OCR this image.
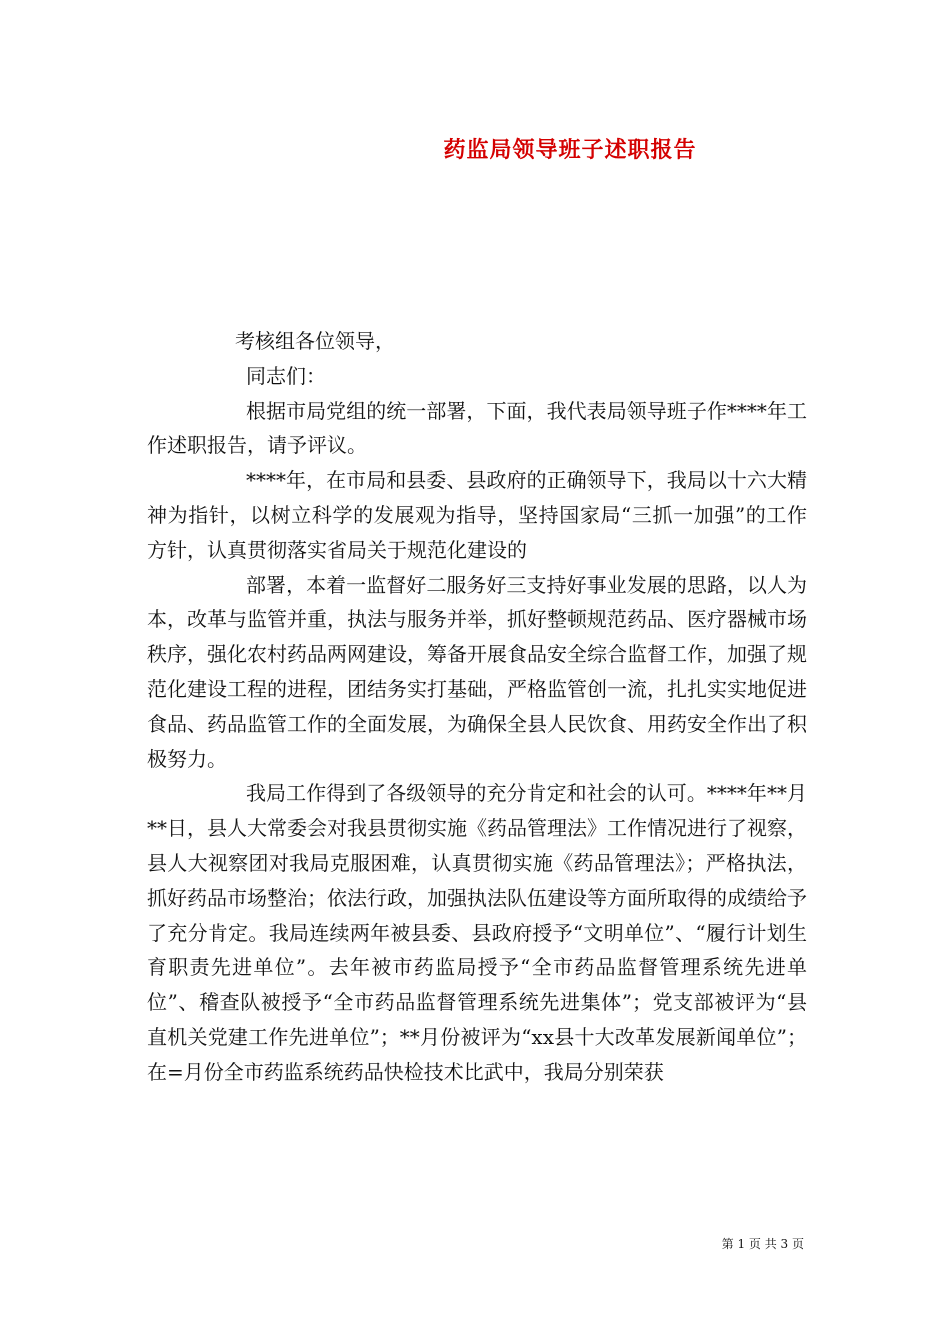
药监局领导班子述职报告

考核组各位领导，

同志们：

根据市局党组的统一部署，下面，我代表局领导班子作****年工作述职报告，请予评议。

****年，在市局和县委、县政府的正确领导下，我局以十六大精神为指针，以树立科学的发展观为指导，坚持国家局“三抓一加强”的工作方针，认真贯彻落实省局关于规范化建设的

部署，本着一监督好二服务好三支持好事业发展的思路，以人为本，改革与监管并重，执法与服务并举，抓好整顿规范药品、医疗器械市场秩序，强化农村药品两网建设，筹备开展食品安全综合监督工作，加强了规范化建设工程的进程，团结务实打基础，严格监管创一流，扎扎实实地促进食品、药品监管工作的全面发展，为确保全县人民饮食、用药安全作出了积极努力。

我局工作得到了各级领导的充分肯定和社会的认可。****年**月**日，县人大常委会对我县贯彻实施《药品管理法》工作情况进行了视察，县人大视察团对我局克服困难，认真贯彻实施《药品管理法》；严格执法，抓好药品市场整治；依法行政，加强执法队伍建设等方面所取得的成绩给予了充分肯定。我局连续两年被县委、县政府授予“文明单位”、“履行计划生育职责先进单位”。去年被市药监局授予“全市药品监督管理系统先进单位”、稽查队被授予“全市药品监督管理系统先进集体”；党支部被评为“县直机关党建工作先进单位”；**月份被评为“xx县十大改革发展新闻单位”；在=月份全市药监系统药品快检技术比武中，我局分别荣获

第 1 页 共 3 页
